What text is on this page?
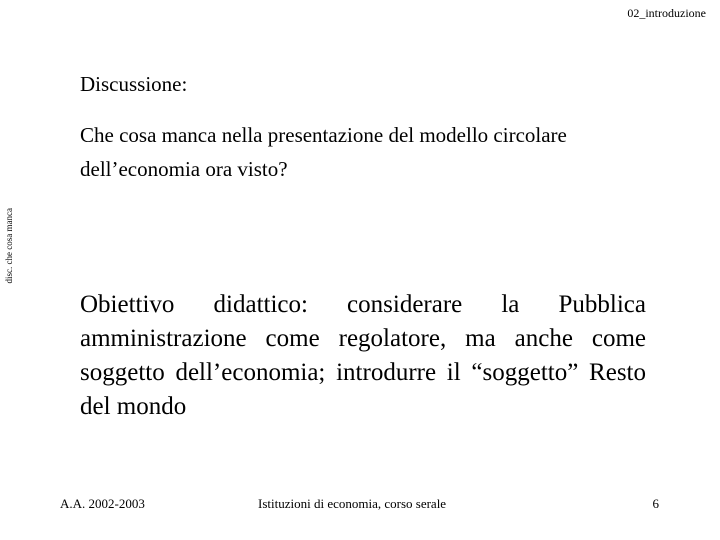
02_introduzione
disc. che cosa manca
Discussione:
Che cosa manca nella presentazione del modello circolare dell’economia ora visto?
Obiettivo didattico: considerare la Pubblica amministrazione come regolatore, ma anche come soggetto dell’economia; introdurre il “soggetto” Resto del mondo
A.A. 2002-2003	Istituzioni di economia, corso serale	6
